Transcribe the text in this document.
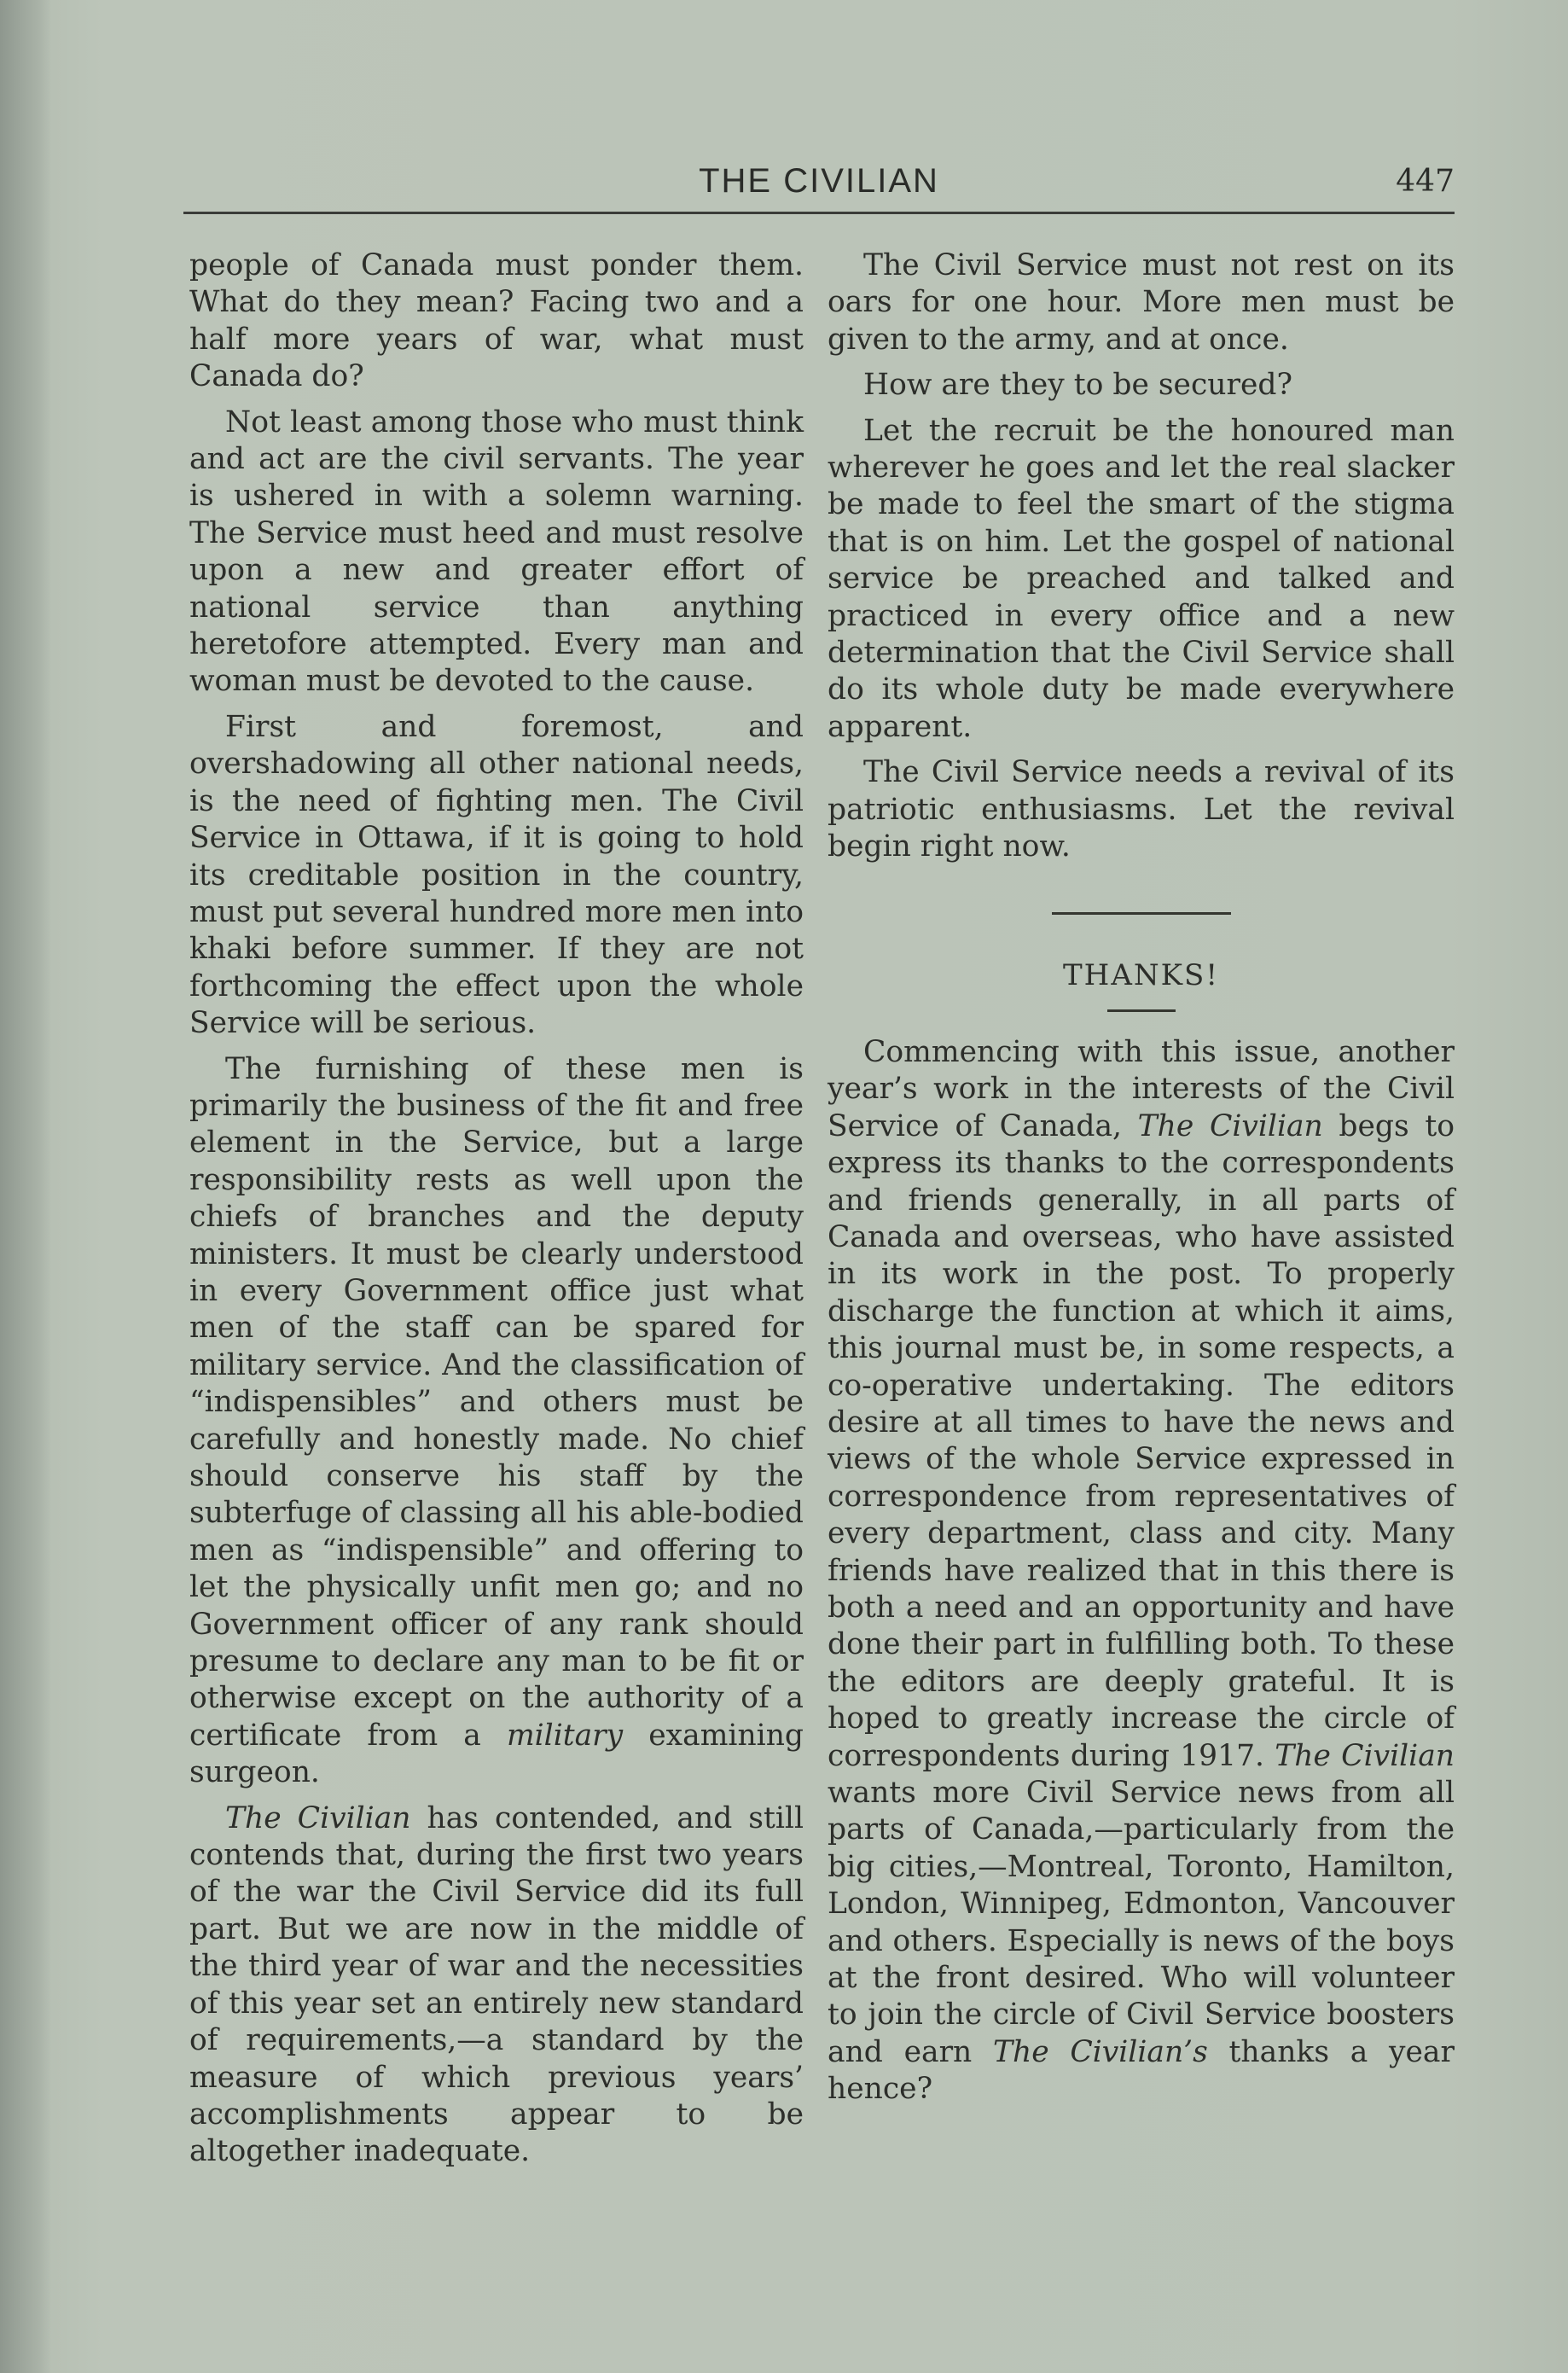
THE CIVILIAN	447

people of Canada must ponder them. What do they mean? Facing two and a half more years of war, what must Canada do?

Not least among those who must think and act are the civil servants. The year is ushered in with a solemn warning. The Service must heed and must resolve upon a new and greater effort of national service than anything heretofore attempted. Every man and woman must be devoted to the cause.

First and foremost, and overshadowing all other national needs, is the need of fighting men. The Civil Service in Ottawa, if it is going to hold its creditable position in the country, must put several hundred more men into khaki before summer. If they are not forthcoming the effect upon the whole Service will be serious.

The furnishing of these men is primarily the business of the fit and free element in the Service, but a large responsibility rests as well upon the chiefs of branches and the deputy ministers. It must be clearly understood in every Government office just what men of the staff can be spared for military service. And the classification of “indispensibles” and others must be carefully and honestly made. No chief should conserve his staff by the subterfuge of classing all his able-bodied men as “indispensible” and offering to let the physically unfit men go; and no Government officer of any rank should presume to declare any man to be fit or otherwise except on the authority of a certificate from a military examining surgeon.

The Civilian has contended, and still contends that, during the first two years of the war the Civil Service did its full part. But we are now in the middle of the third year of war and the necessities of this year set an entirely new standard of requirements,—a standard by the measure of which previous years’ accomplishments appear to be altogether inadequate.

The Civil Service must not rest on its oars for one hour. More men must be given to the army, and at once.

How are they to be secured?

Let the recruit be the honoured man wherever he goes and let the real slacker be made to feel the smart of the stigma that is on him. Let the gospel of national service be preached and talked and practiced in every office and a new determination that the Civil Service shall do its whole duty be made everywhere apparent.

The Civil Service needs a revival of its patriotic enthusiasms. Let the revival begin right now.

THANKS!

Commencing with this issue, another year’s work in the interests of the Civil Service of Canada, The Civilian begs to express its thanks to the correspondents and friends generally, in all parts of Canada and overseas, who have assisted in its work in the post. To properly discharge the function at which it aims, this journal must be, in some respects, a co-operative undertaking. The editors desire at all times to have the news and views of the whole Service expressed in correspondence from representatives of every department, class and city. Many friends have realized that in this there is both a need and an opportunity and have done their part in fulfilling both. To these the editors are deeply grateful. It is hoped to greatly increase the circle of correspondents during 1917. The Civilian wants more Civil Service news from all parts of Canada,—particularly from the big cities,—Montreal, Toronto, Hamilton, London, Winnipeg, Edmonton, Vancouver and others. Especially is news of the boys at the front desired. Who will volunteer to join the circle of Civil Service boosters and earn The Civilian’s thanks a year hence?
